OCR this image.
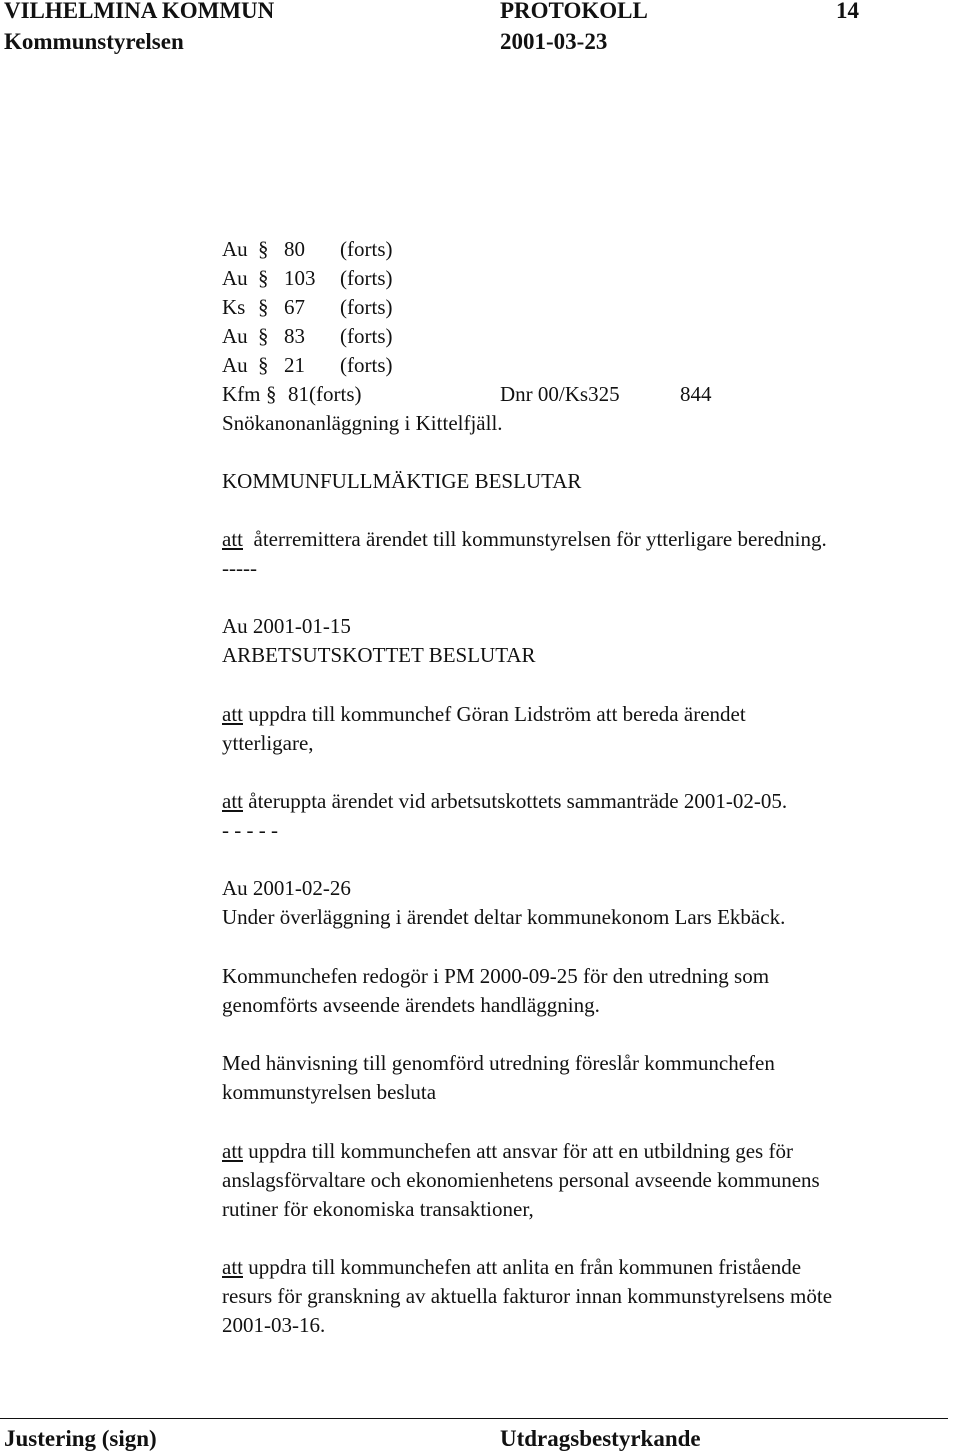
VILHELMINA KOMMUN	PROTOKOLL	14
Kommunstyrelsen	2001-03-23
Au § 80 (forts)
Au § 103 (forts)
Ks § 67 (forts)
Au § 83 (forts)
Au § 21 (forts)
Kfm § 81(forts)	Dnr 00/Ks325	844
Snökanonanläggning i Kittelfjäll.
KOMMUNFULLMÄKTIGE BESLUTAR
att återremittera ärendet till kommunstyrelsen för ytterligare beredning.
-----
Au 2001-01-15
ARBETSUTSKOTTET BESLUTAR
att uppdra till kommunchef Göran Lidström att bereda ärendet
ytterligare,
att återuppta ärendet vid arbetsutskottets sammanträde 2001-02-05.
- - - - -
Au 2001-02-26
Under överläggning i ärendet deltar kommunekonom Lars Ekbäck.
Kommunchefen redogör i PM 2000-09-25 för den utredning som
genomförts avseende ärendets handläggning.
Med hänvisning till genomförd utredning föreslår kommunchefen
kommunstyrelsen besluta
att uppdra till kommunchefen att ansvar för att en utbildning ges för
anslagsförvaltare och ekonomienhetens personal avseende kommunens
rutiner för ekonomiska transaktioner,
att uppdra till kommunchefen att anlita en från kommunen fristående
resurs för granskning av aktuella fakturor innan kommunstyrelsens möte
2001-03-16.
Justering (sign)	Utdragsbestyrkande
